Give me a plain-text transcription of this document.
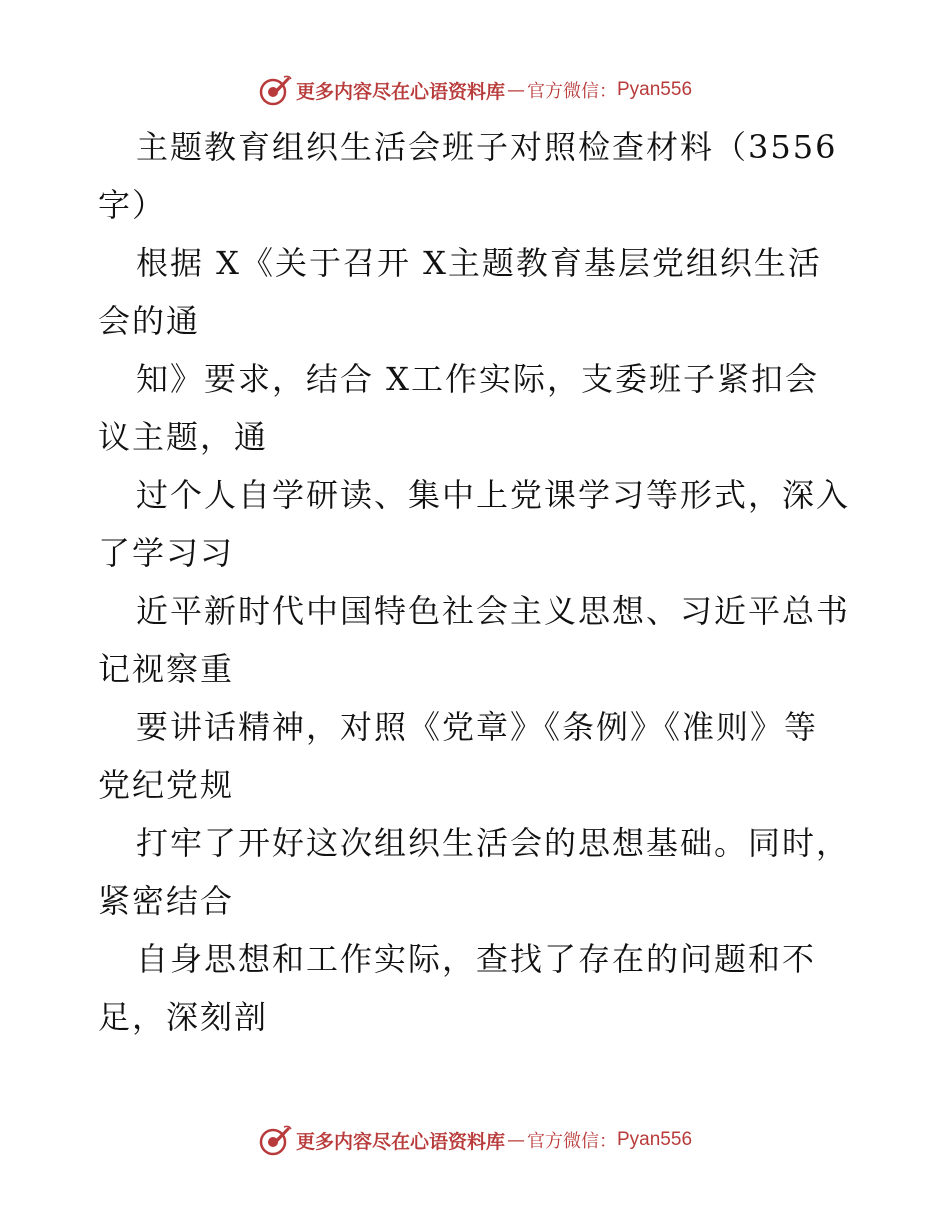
更多内容尽在心语资料库 — 官方微信： Pyan556
主题教育组织生活会班子对照检查材料（3556
字）
根据 X《关于召开 X主题教育基层党组织生活
会的通
知》要求，结合 X工作实际，支委班子紧扣会
议主题，通
过个人自学研读、集中上党课学习等形式，深入
了学习习
近平新时代中国特色社会主义思想、习近平总书
记视察重
要讲话精神，对照《党章》《条例》《准则》等
党纪党规
打牢了开好这次组织生活会的思想基础。同时，
紧密结合
自身思想和工作实际，查找了存在的问题和不
足，深刻剖
更多内容尽在心语资料库 — 官方微信： Pyan556
